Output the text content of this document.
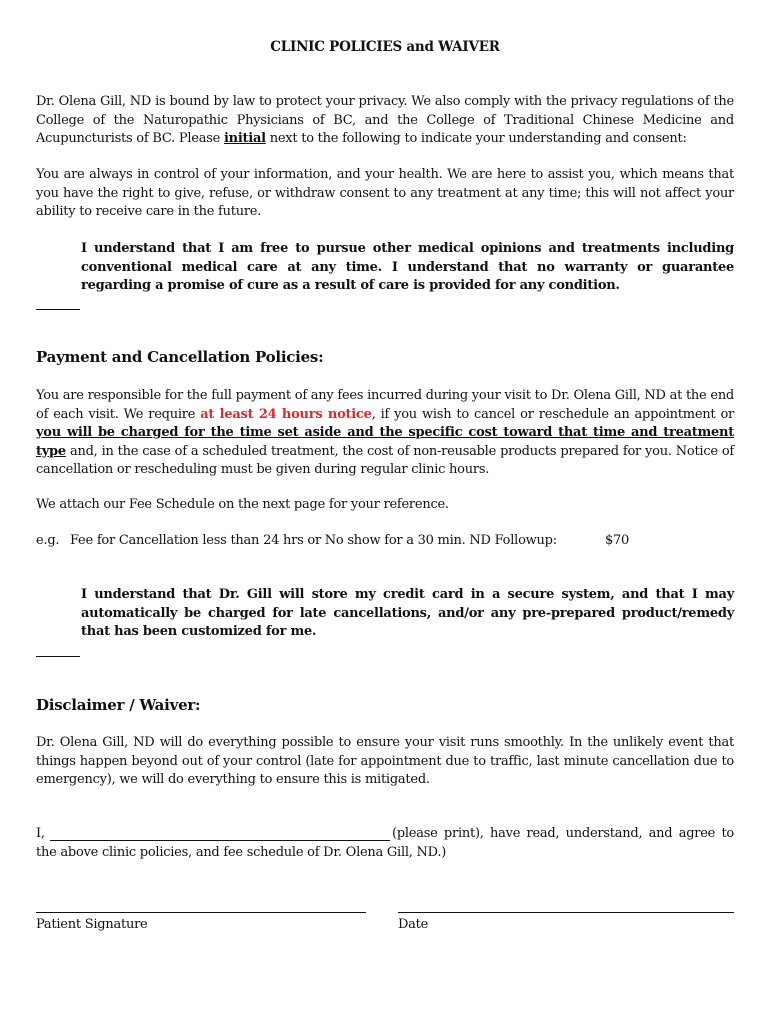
CLINIC POLICIES and WAIVER

Dr. Olena Gill, ND is bound by law to protect your privacy. We also comply with the privacy regulations of the College of the Naturopathic Physicians of BC, and the College of Traditional Chinese Medicine and Acupuncturists of BC. Please initial next to the following to indicate your understanding and consent:

You are always in control of your information, and your health. We are here to assist you, which means that you have the right to give, refuse, or withdraw consent to any treatment at any time; this will not affect your ability to receive care in the future.

I understand that I am free to pursue other medical opinions and treatments including conventional medical care at any time. I understand that no warranty or guarantee regarding a promise of cure as a result of care is provided for any condition.

Payment and Cancellation Policies:

You are responsible for the full payment of any fees incurred during your visit to Dr. Olena Gill, ND at the end of each visit. We require at least 24 hours notice, if you wish to cancel or reschedule an appointment or you will be charged for the time set aside and the specific cost toward that time and treatment type and, in the case of a scheduled treatment, the cost of non-reusable products prepared for you. Notice of cancellation or rescheduling must be given during regular clinic hours.

We attach our Fee Schedule on the next page for your reference.
e.g. Fee for Cancellation less than 24 hrs or No show for a 30 min. ND Followup:	$70

I understand that Dr. Gill will store my credit card in a secure system, and that I may automatically be charged for late cancellations, and/or any pre-prepared product/remedy that has been customized for me.

Disclaimer / Waiver:

Dr. Olena Gill, ND will do everything possible to ensure your visit runs smoothly. In the unlikely event that things happen beyond out of your control (late for appointment due to traffic, last minute cancellation due to emergency), we will do everything to ensure this is mitigated.

I,	(please print), have read, understand, and agree to
the above clinic policies, and fee schedule of Dr. Olena Gill, ND.)
Patient Signature	Date
